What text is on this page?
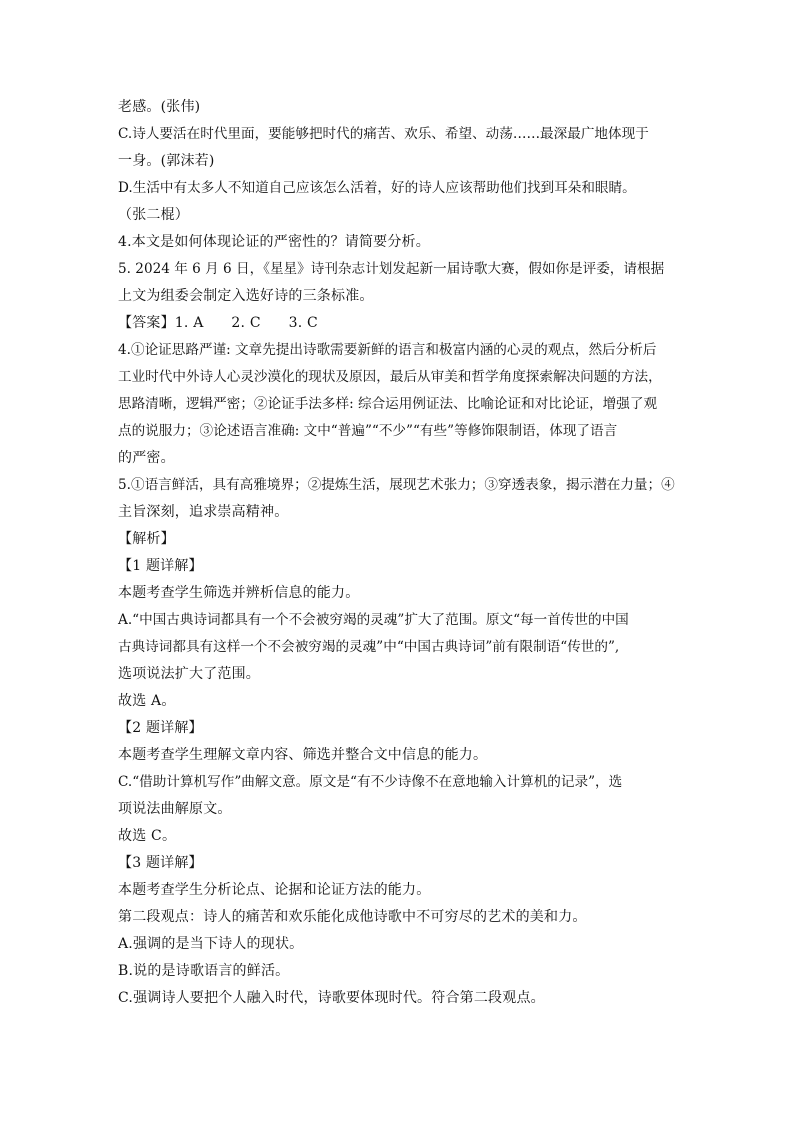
老感。(张伟)
C.诗人要活在时代里面，要能够把时代的痛苦、欢乐、希望、动荡……最深最广地体现于
一身。(郭沫若)
D.生活中有太多人不知道自己应该怎么活着，好的诗人应该帮助他们找到耳朵和眼睛。
（张二棍）
4.本文是如何体现论证的严密性的？请简要分析。
5. 2024 年 6 月 6 日，《星星》诗刊杂志计划发起新一届诗歌大赛，假如你是评委，请根据
上文为组委会制定入选好诗的三条标准。
【答案】1. A      2. C      3. C
4.①论证思路严谨: 文章先提出诗歌需要新鲜的语言和极富内涵的心灵的观点，然后分析后
工业时代中外诗人心灵沙漠化的现状及原因，最后从审美和哲学角度探索解决问题的方法，
思路清晰，逻辑严密；②论证手法多样: 综合运用例证法、比喻论证和对比论证，增强了观
点的说服力；③论述语言准确: 文中“普遍”“不少”“有些”等修饰限制语，体现了语言
的严密。
5.①语言鲜活，具有高雅境界；②提炼生活，展现艺术张力；③穿透表象，揭示潜在力量；④
主旨深刻，追求崇高精神。
【解析】
【1 题详解】
本题考查学生筛选并辨析信息的能力。
A.“中国古典诗词都具有一个不会被穷竭的灵魂”扩大了范围。原文“每一首传世的中国
古典诗词都具有这样一个不会被穷竭的灵魂”中“中国古典诗词”前有限制语“传世的”,
选项说法扩大了范围。
故选 A。
【2 题详解】
本题考查学生理解文章内容、筛选并整合文中信息的能力。
C.“借助计算机写作”曲解文意。原文是“有不少诗像不在意地输入计算机的记录”，选
项说法曲解原文。
故选 C。
【3 题详解】
本题考查学生分析论点、论据和论证方法的能力。
第二段观点：诗人的痛苦和欢乐能化成他诗歌中不可穷尽的艺术的美和力。
A.强调的是当下诗人的现状。
B.说的是诗歌语言的鲜活。
C.强调诗人要把个人融入时代，诗歌要体现时代。符合第二段观点。
